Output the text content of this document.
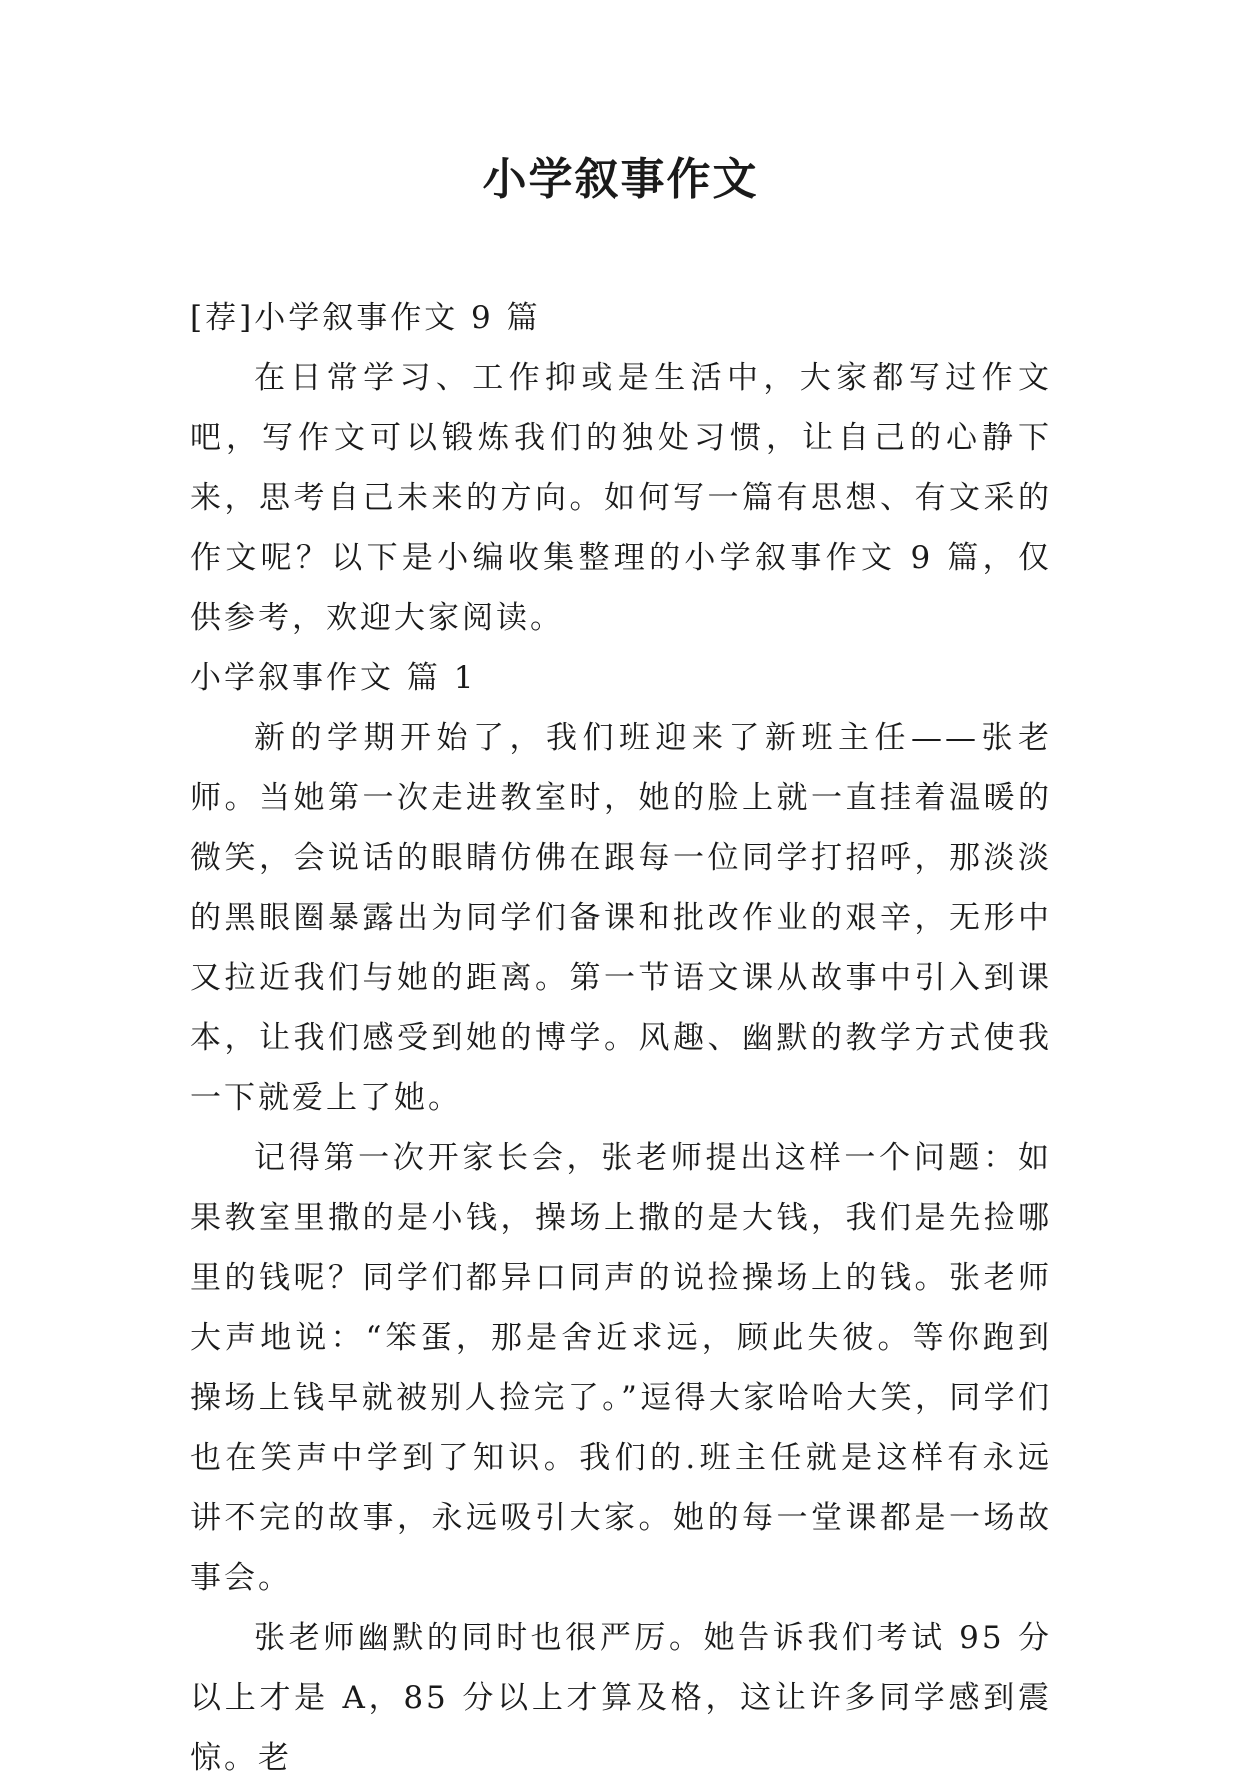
小学叙事作文

[荐]小学叙事作文 9 篇

在日常学习、工作抑或是生活中，大家都写过作文吧，写作文可以锻炼我们的独处习惯，让自己的心静下来，思考自己未来的方向。如何写一篇有思想、有文采的作文呢？以下是小编收集整理的小学叙事作文 9 篇，仅供参考，欢迎大家阅读。

小学叙事作文 篇 1

新的学期开始了，我们班迎来了新班主任——张老师。当她第一次走进教室时，她的脸上就一直挂着温暖的微笑，会说话的眼睛仿佛在跟每一位同学打招呼，那淡淡的黑眼圈暴露出为同学们备课和批改作业的艰辛，无形中又拉近我们与她的距离。第一节语文课从故事中引入到课本，让我们感受到她的博学。风趣、幽默的教学方式使我一下就爱上了她。

记得第一次开家长会，张老师提出这样一个问题：如果教室里撒的是小钱，操场上撒的是大钱，我们是先捡哪里的钱呢？同学们都异口同声的说捡操场上的钱。张老师大声地说：“笨蛋，那是舍近求远，顾此失彼。等你跑到操场上钱早就被别人捡完了。”逗得大家哈哈大笑，同学们也在笑声中学到了知识。我们的.班主任就是这样有永远讲不完的故事，永远吸引大家。她的每一堂课都是一场故事会。

张老师幽默的同时也很严厉。她告诉我们考试 95 分以上才是 A，85 分以上才算及格，这让许多同学感到震惊。老
